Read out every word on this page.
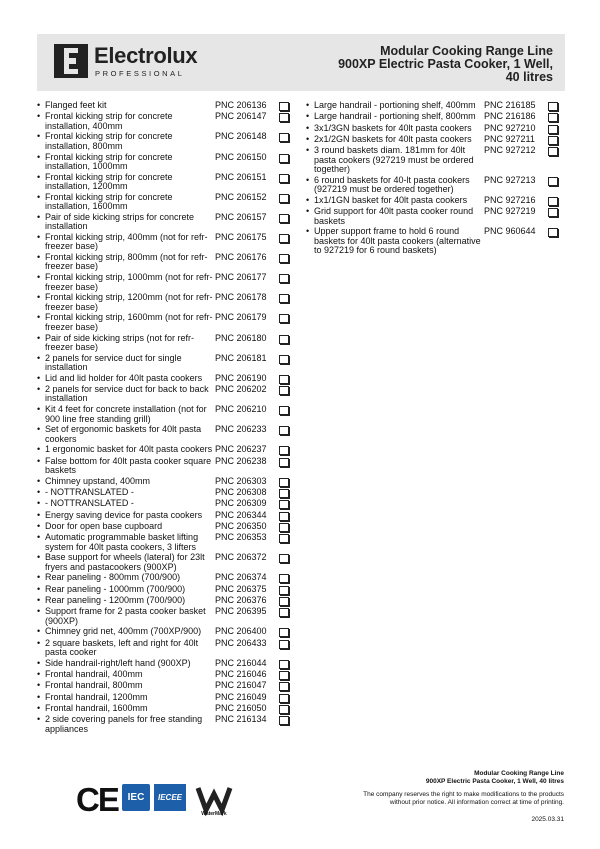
Electrolux
PROFESSIONAL
Modular Cooking Range Line
900XP Electric Pasta Cooker, 1 Well,
40 litres
• Flanged feet kit	PNC 206136
• Frontal kicking strip for concrete installation, 400mm
PNC 206147
• Frontal kicking strip for concrete installation, 800mm
PNC 206148
• Frontal kicking strip for concrete installation, 1000mm
PNC 206150
• Frontal kicking strip for concrete installation, 1200mm
PNC 206151
• Frontal kicking strip for concrete installation, 1600mm
PNC 206152
• Pair of side kicking strips for concrete installation
PNC 206157
• Frontal kicking strip, 400mm (not for refr-freezer base)
PNC 206175
• Frontal kicking strip, 800mm (not for refr-freezer base)
PNC 206176
• Frontal kicking strip, 1000mm (not for refr-freezer base)
PNC 206177
• Frontal kicking strip, 1200mm (not for refr-freezer base)
PNC 206178
• Frontal kicking strip, 1600mm (not for refr-freezer base)
PNC 206179
• Pair of side kicking strips (not for refr-freezer base)
PNC 206180
• 2 panels for service duct for single installation
PNC 206181
• Lid and lid holder for 40lt pasta cookers	PNC 206190
• 2 panels for service duct for back to back installation
PNC 206202
• Kit 4 feet for concrete installation (not for 900 line free standing grill)
PNC 206210
• Set of ergonomic baskets for 40lt pasta cookers
PNC 206233
• 1 ergonomic basket for 40lt pasta cookers PNC 206237
• False bottom for 40lt pasta cooker square baskets
PNC 206238
• Chimney upstand, 400mm	PNC 206303
• - NOTTRANSLATED -	PNC 206308
• - NOTTRANSLATED -	PNC 206309
• Energy saving device for pasta cookers	PNC 206344
• Door for open base cupboard	PNC 206350
• Automatic programmable basket lifting system for 40lt pasta cookers, 3 lifters
PNC 206353
• Base support for wheels (lateral) for 23lt fryers and pastacookers (900XP)
PNC 206372
• Rear paneling - 800mm (700/900)	PNC 206374
• Rear paneling - 1000mm (700/900)	PNC 206375
• Rear paneling - 1200mm (700/900)	PNC 206376
• Support frame for 2 pasta cooker basket (900XP)
PNC 206395
• Chimney grid net, 400mm (700XP/900)	PNC 206400
• 2 square baskets, left and right for 40lt pasta cooker
PNC 206433
• Side handrail-right/left hand (900XP)	PNC 216044
• Frontal handrail, 400mm	PNC 216046
• Frontal handrail, 800mm	PNC 216047
• Frontal handrail, 1200mm	PNC 216049
• Frontal handrail, 1600mm	PNC 216050
• 2 side covering panels for free standing appliances
PNC 216134
• Large handrail - portioning shelf, 400mm PNC 216185
• Large handrail - portioning shelf, 800mm PNC 216186
• 3x1/3GN baskets for 40lt pasta cookers	PNC 927210
• 2x1/2GN baskets for 40lt pasta cookers	PNC 927211
• 3 round baskets diam. 181mm for 40lt pasta cookers (927219 must be ordered together)
PNC 927212
• 6 round baskets for 40-lt pasta cookers (927219 must be ordered together)
PNC 927213
• 1x1/1GN basket for 40lt pasta cookers	PNC 927216
• Grid support for 40lt pasta cooker round baskets
PNC 927219
• Upper support frame to hold 6 round baskets for 40lt pasta cookers (alternative to 927219 for 6 round baskets)
PNC 960644
CE IEC	IECEE
WaterMark
Modular Cooking Range Line
900XP Electric Pasta Cooker, 1 Well, 40 litres
The company reserves the right to make modifications to the products
without prior notice. All information correct at time of printing.
2025.03.31
